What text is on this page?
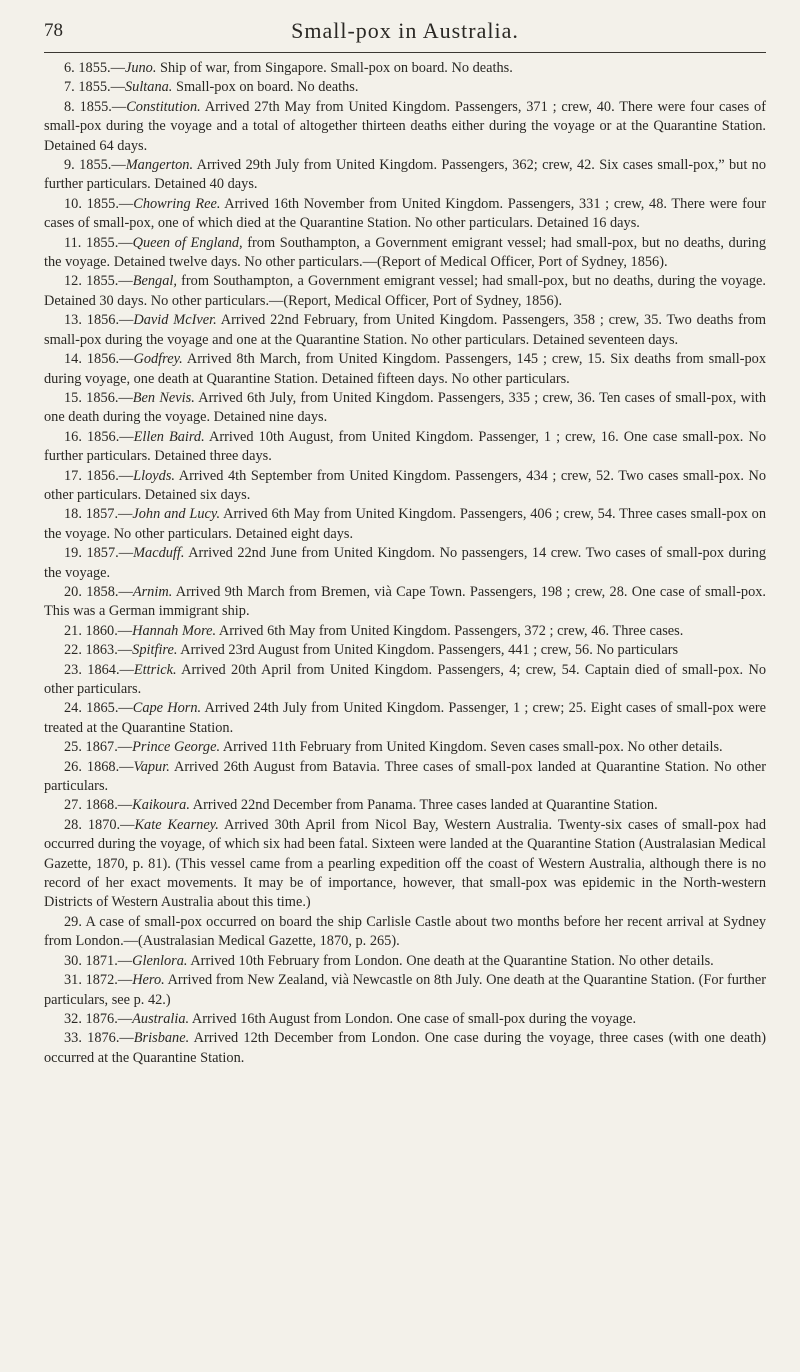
78	Small-pox in Australia.

6. 1855.—Juno. Ship of war, from Singapore. Small-pox on board. No deaths.

7. 1855.—Sultana. Small-pox on board. No deaths.

8. 1855.—Constitution. Arrived 27th May from United Kingdom. Passengers, 371 ; crew, 40. There were four cases of small-pox during the voyage and a total of altogether thirteen deaths either during the voyage or at the Quarantine Station. Detained 64 days.

9. 1855.—Mangerton. Arrived 29th July from United Kingdom. Passengers, 362; crew, 42. Six cases small-pox,” but no further particulars. Detained 40 days.

10. 1855.—Chowring Ree. Arrived 16th November from United Kingdom. Passengers, 331 ; crew, 48. There were four cases of small-pox, one of which died at the Quarantine Station. No other particulars. Detained 16 days.

11. 1855.—Queen of England, from Southampton, a Government emigrant vessel; had small-pox, but no deaths, during the voyage. Detained twelve days. No other particulars.—(Report of Medical Officer, Port of Sydney, 1856).

12. 1855.—Bengal, from Southampton, a Government emigrant vessel; had small-pox, but no deaths, during the voyage. Detained 30 days. No other particulars.—(Report, Medical Officer, Port of Sydney, 1856).

13. 1856.—David McIver. Arrived 22nd February, from United Kingdom. Passengers, 358 ; crew, 35. Two deaths from small-pox during the voyage and one at the Quarantine Station. No other particulars. Detained seventeen days.

14. 1856.—Godfrey. Arrived 8th March, from United Kingdom. Passengers, 145 ; crew, 15. Six deaths from small-pox during voyage, one death at Quarantine Station. Detained fifteen days. No other particulars.

15. 1856.—Ben Nevis. Arrived 6th July, from United Kingdom. Passengers, 335 ; crew, 36. Ten cases of small-pox, with one death during the voyage. Detained nine days.

16. 1856.—Ellen Baird. Arrived 10th August, from United Kingdom. Passenger, 1 ; crew, 16. One case small-pox. No further particulars. Detained three days.

17. 1856.—Lloyds. Arrived 4th September from United Kingdom. Passengers, 434 ; crew, 52. Two cases small-pox. No other particulars. Detained six days.

18. 1857.—John and Lucy. Arrived 6th May from United Kingdom. Passengers, 406 ; crew, 54. Three cases small-pox on the voyage. No other particulars. Detained eight days.

19. 1857.—Macduff. Arrived 22nd June from United Kingdom. No passengers, 14 crew. Two cases of small-pox during the voyage.

20. 1858.—Arnim. Arrived 9th March from Bremen, vià Cape Town. Passengers, 198 ; crew, 28. One case of small-pox. This was a German immigrant ship.

21. 1860.—Hannah More. Arrived 6th May from United Kingdom. Passengers, 372 ; crew, 46. Three cases.

22. 1863.—Spitfire. Arrived 23rd August from United Kingdom. Passengers, 441 ; crew, 56. No particulars

23. 1864.—Ettrick. Arrived 20th April from United Kingdom. Passengers, 4; crew, 54. Captain died of small-pox. No other particulars.

24. 1865.—Cape Horn. Arrived 24th July from United Kingdom. Passenger, 1 ; crew; 25. Eight cases of small-pox were treated at the Quarantine Station.

25. 1867.—Prince George. Arrived 11th February from United Kingdom. Seven cases small-pox. No other details.

26. 1868.—Vapur. Arrived 26th August from Batavia. Three cases of small-pox landed at Quarantine Station. No other particulars.

27. 1868.—Kaikoura. Arrived 22nd December from Panama. Three cases landed at Quarantine Station.

28. 1870.—Kate Kearney. Arrived 30th April from Nicol Bay, Western Australia. Twenty-six cases of small-pox had occurred during the voyage, of which six had been fatal. Sixteen were landed at the Quarantine Station (Australasian Medical Gazette, 1870, p. 81). (This vessel came from a pearling expedition off the coast of Western Australia, although there is no record of her exact movements. It may be of importance, however, that small-pox was epidemic in the North-western Districts of Western Australia about this time.)

29. A case of small-pox occurred on board the ship Carlisle Castle about two months before her recent arrival at Sydney from London.—(Australasian Medical Gazette, 1870, p. 265).

30. 1871.—Glenlora. Arrived 10th February from London. One death at the Quarantine Station. No other details.

31. 1872.—Hero. Arrived from New Zealand, vià Newcastle on 8th July. One death at the Quarantine Station. (For further particulars, see p. 42.)

32. 1876.—Australia. Arrived 16th August from London. One case of small-pox during the voyage.

33. 1876.—Brisbane. Arrived 12th December from London. One case during the voyage, three cases (with one death) occurred at the Quarantine Station.
